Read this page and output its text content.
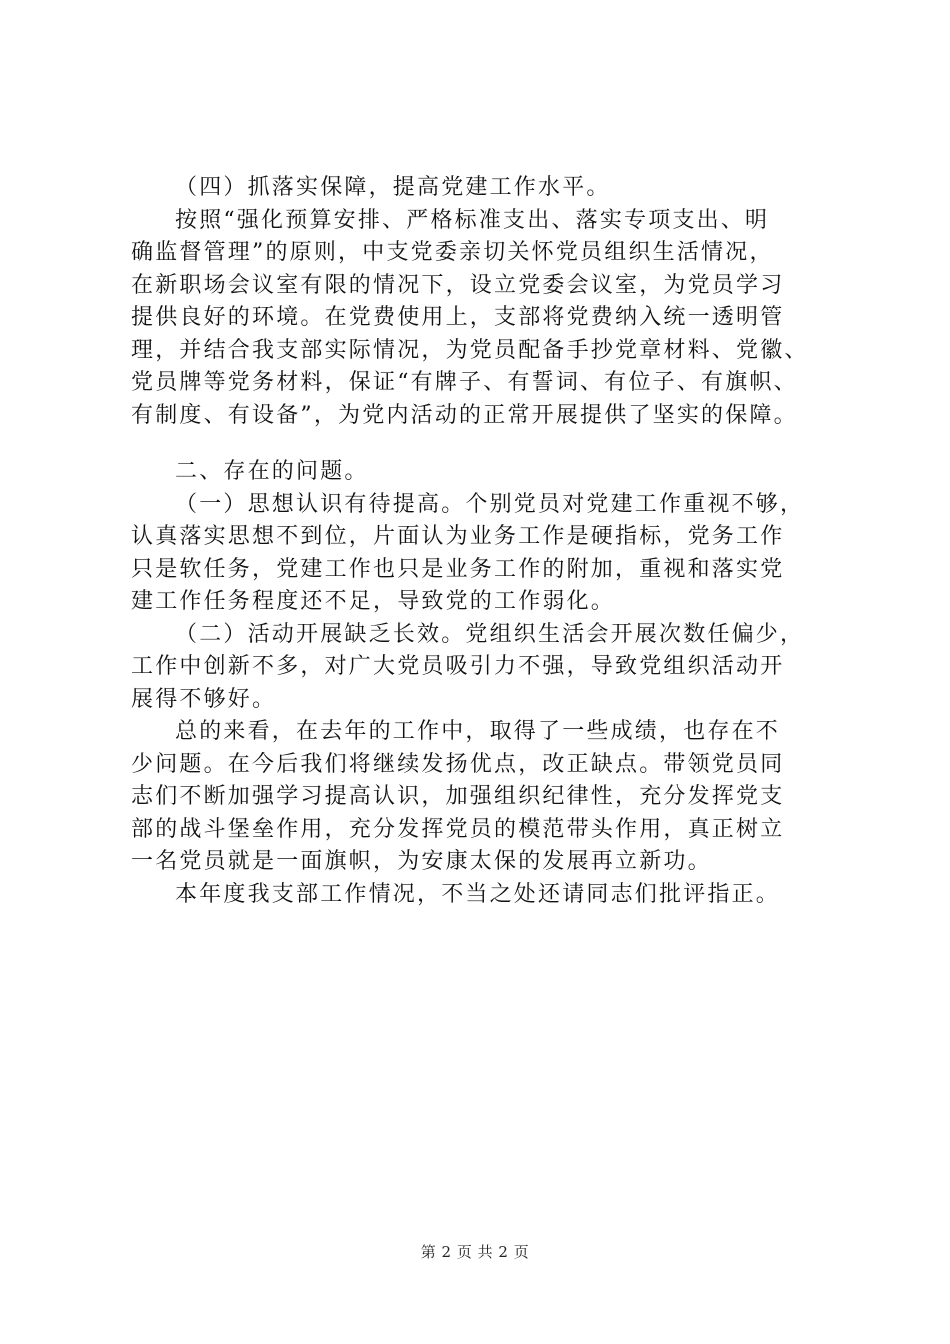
（四）抓落实保障，提高党建工作水平。
按照“强化预算安排、严格标准支出、落实专项支出、明
确监督管理”的原则，中支党委亲切关怀党员组织生活情况，
在新职场会议室有限的情况下，设立党委会议室，为党员学习
提供良好的环境。在党费使用上，支部将党费纳入统一透明管
理，并结合我支部实际情况，为党员配备手抄党章材料、党徽、
党员牌等党务材料，保证“有牌子、有誓词、有位子、有旗帜、
有制度、有设备”，为党内活动的正常开展提供了坚实的保障。
二、存在的问题。
（一）思想认识有待提高。个别党员对党建工作重视不够，
认真落实思想不到位，片面认为业务工作是硬指标，党务工作
只是软任务，党建工作也只是业务工作的附加，重视和落实党
建工作任务程度还不足，导致党的工作弱化。
（二）活动开展缺乏长效。党组织生活会开展次数任偏少，
工作中创新不多，对广大党员吸引力不强，导致党组织活动开
展得不够好。
总的来看，在去年的工作中，取得了一些成绩，也存在不
少问题。在今后我们将继续发扬优点，改正缺点。带领党员同
志们不断加强学习提高认识，加强组织纪律性，充分发挥党支
部的战斗堡垒作用，充分发挥党员的模范带头作用，真正树立
一名党员就是一面旗帜，为安康太保的发展再立新功。
本年度我支部工作情况，不当之处还请同志们批评指正。
第 2 页 共 2 页
